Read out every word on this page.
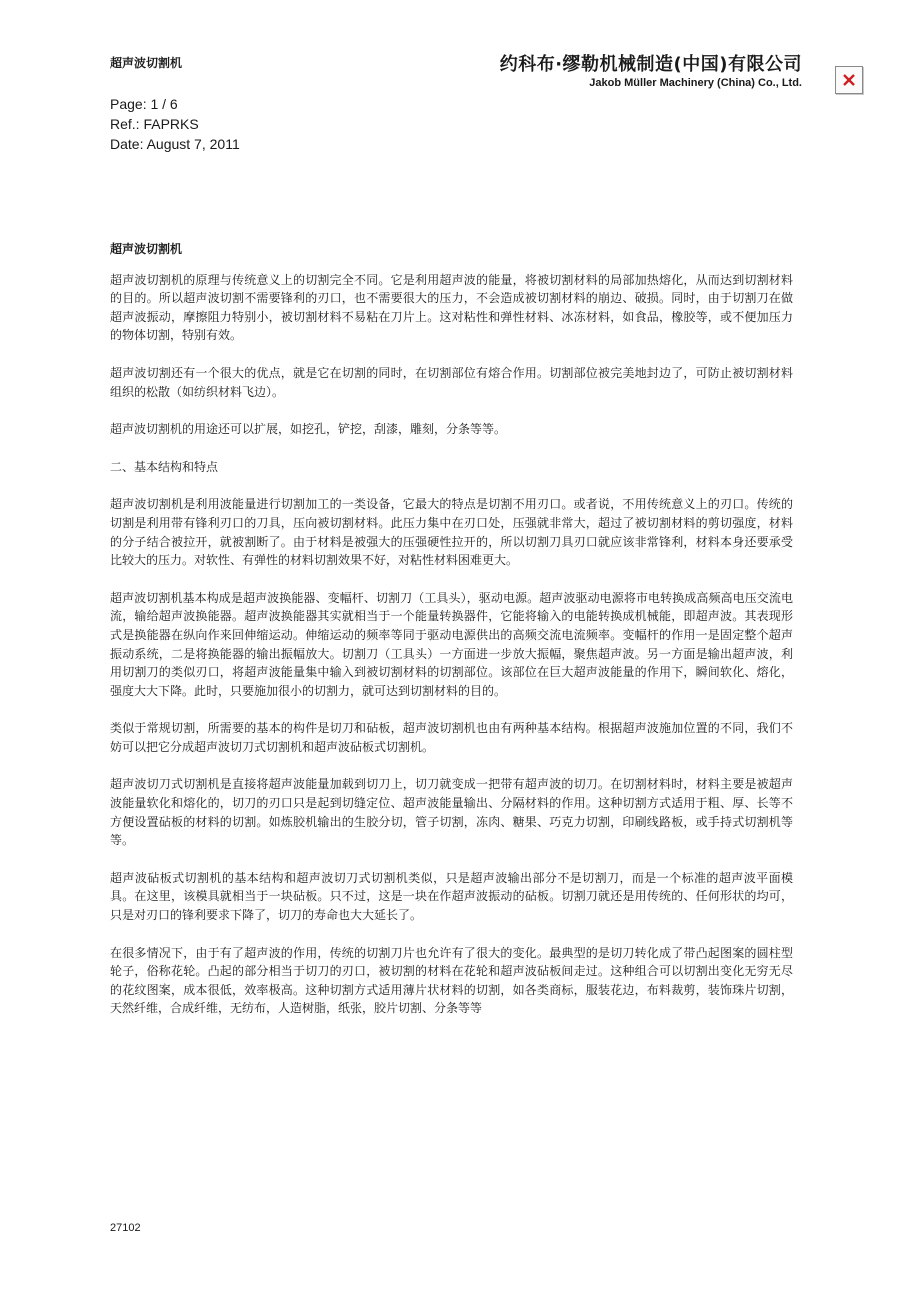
超声波切割机	约科布·缪勒机械制造(中国)有限公司
Jakob Müller Machinery (China) Co., Ltd.
Page: 1 / 6
Ref.: FAPRKS
Date: August 7, 2011
超声波切割机

超声波切割机的原理与传统意义上的切割完全不同。它是利用超声波的能量，将被切割材料的局部加热熔化，从而达到切割材料的目的。所以超声波切割不需要锋利的刃口，也不需要很大的压力，不会造成被切割材料的崩边、破损。同时，由于切割刀在做超声波振动，摩擦阻力特别小，被切割材料不易粘在刀片上。这对粘性和弹性材料、冰冻材料，如食品，橡胶等，或不便加压力的物体切割，特别有效。

超声波切割还有一个很大的优点，就是它在切割的同时，在切割部位有熔合作用。切割部位被完美地封边了，可防止被切割材料组织的松散（如纺织材料飞边）。

超声波切割机的用途还可以扩展，如挖孔，铲挖，刮漆，雕刻，分条等等。

二、基本结构和特点

超声波切割机是利用波能量进行切割加工的一类设备，它最大的特点是切割不用刃口。或者说，不用传统意义上的刃口。传统的切割是利用带有锋利刃口的刀具，压向被切割材料。此压力集中在刃口处，压强就非常大，超过了被切割材料的剪切强度，材料的分子结合被拉开，就被割断了。由于材料是被强大的压强硬性拉开的，所以切割刀具刃口就应该非常锋利，材料本身还要承受比较大的压力。对软性、有弹性的材料切割效果不好，对粘性材料困难更大。

超声波切割机基本构成是超声波换能器、变幅杆、切割刀（工具头），驱动电源。超声波驱动电源将市电转换成高频高电压交流电流，输给超声波换能器。超声波换能器其实就相当于一个能量转换器件，它能将输入的电能转换成机械能，即超声波。其表现形式是换能器在纵向作来回伸缩运动。伸缩运动的频率等同于驱动电源供出的高频交流电流频率。变幅杆的作用一是固定整个超声振动系统，二是将换能器的输出振幅放大。切割刀（工具头）一方面进一步放大振幅，聚焦超声波。另一方面是输出超声波，利用切割刀的类似刃口，将超声波能量集中输入到被切割材料的切割部位。该部位在巨大超声波能量的作用下，瞬间软化、熔化，强度大大下降。此时，只要施加很小的切割力，就可达到切割材料的目的。

类似于常规切割，所需要的基本的构件是切刀和砧板，超声波切割机也由有两种基本结构。根据超声波施加位置的不同，我们不妨可以把它分成超声波切刀式切割机和超声波砧板式切割机。

超声波切刀式切割机是直接将超声波能量加载到切刀上，切刀就变成一把带有超声波的切刀。在切割材料时，材料主要是被超声波能量软化和熔化的，切刀的刃口只是起到切缝定位、超声波能量输出、分隔材料的作用。这种切割方式适用于粗、厚、长等不方便设置砧板的材料的切割。如炼胶机输出的生胶分切，管子切割，冻肉、糖果、巧克力切割，印刷线路板，或手持式切割机等等。

超声波砧板式切割机的基本结构和超声波切刀式切割机类似，只是超声波输出部分不是切割刀，而是一个标准的超声波平面模具。在这里，该模具就相当于一块砧板。只不过，这是一块在作超声波振动的砧板。切割刀就还是用传统的、任何形状的均可，只是对刃口的锋利要求下降了，切刀的寿命也大大延长了。

在很多情况下，由于有了超声波的作用，传统的切割刀片也允许有了很大的变化。最典型的是切刀转化成了带凸起图案的圆柱型轮子，俗称花轮。凸起的部分相当于切刀的刃口，被切割的材料在花轮和超声波砧板间走过。这种组合可以切割出变化无穷无尽的花纹图案，成本很低，效率极高。这种切割方式适用薄片状材料的切割，如各类商标，服装花边，布料裁剪，装饰珠片切割，天然纤维，合成纤维，无纺布，人造树脂，纸张，胶片切割、分条等等

27102
